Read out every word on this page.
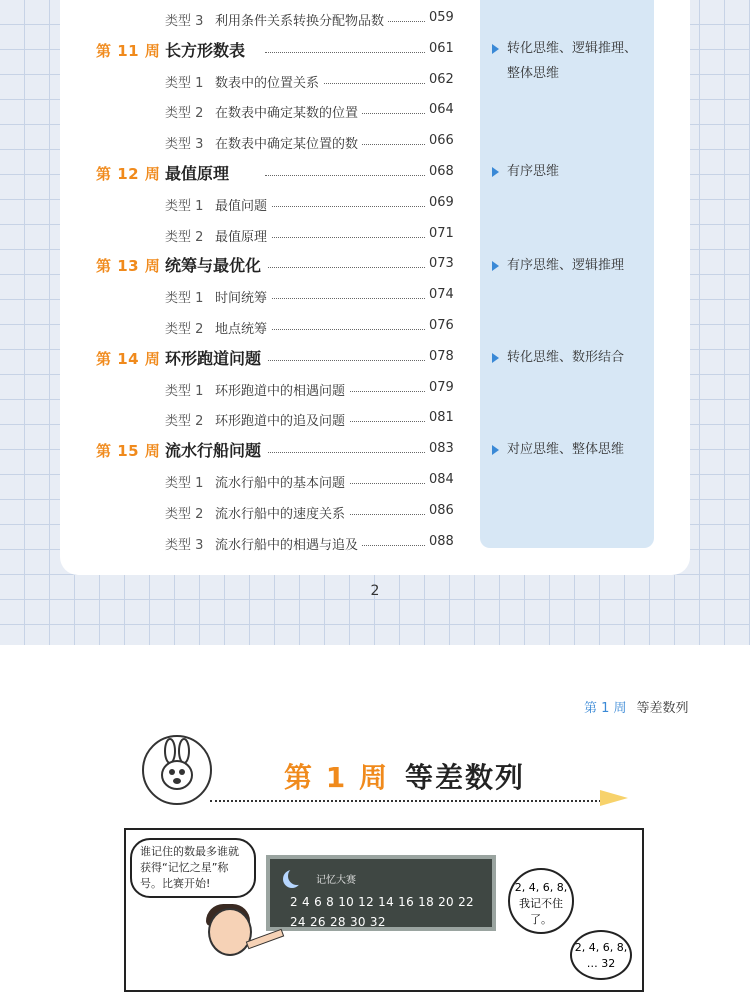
类型 3 利用条件关系转换分配物品数	059
第 11 周 长方形数表	061
类型 1 数表中的位置关系	062
类型 2 在数表中确定某数的位置	064
类型 3 在数表中确定某位置的数	066
第 12 周 最值原理	068
类型 1 最值问题	069
类型 2 最值原理	071
第 13 周 统筹与最优化	073
类型 1 时间统筹	074
类型 2 地点统筹	076
第 14 周 环形跑道问题	078
类型 1 环形跑道中的相遇问题	079
类型 2 环形跑道中的追及问题	081
第 15 周 流水行船问题	083
类型 1 流水行船中的基本问题	084
类型 2 流水行船中的速度关系	086
类型 3 流水行船中的相遇与追及	088
转化思维、逻辑推理、
整体思维
有序思维
有序思维、逻辑推理
转化思维、数形结合
对应思维、整体思维
2
第 1 周 等差数列
第 1 周 等差数列
谁记住的数最多谁就获得“记忆之星”称号。比赛开始!	记忆大赛
2 4 6 8 10 12 14 16 18 20 22
24 26 28 30 32
2, 4, 6, 8, 我记不住了。
2, 4, 6, 8, … 32
